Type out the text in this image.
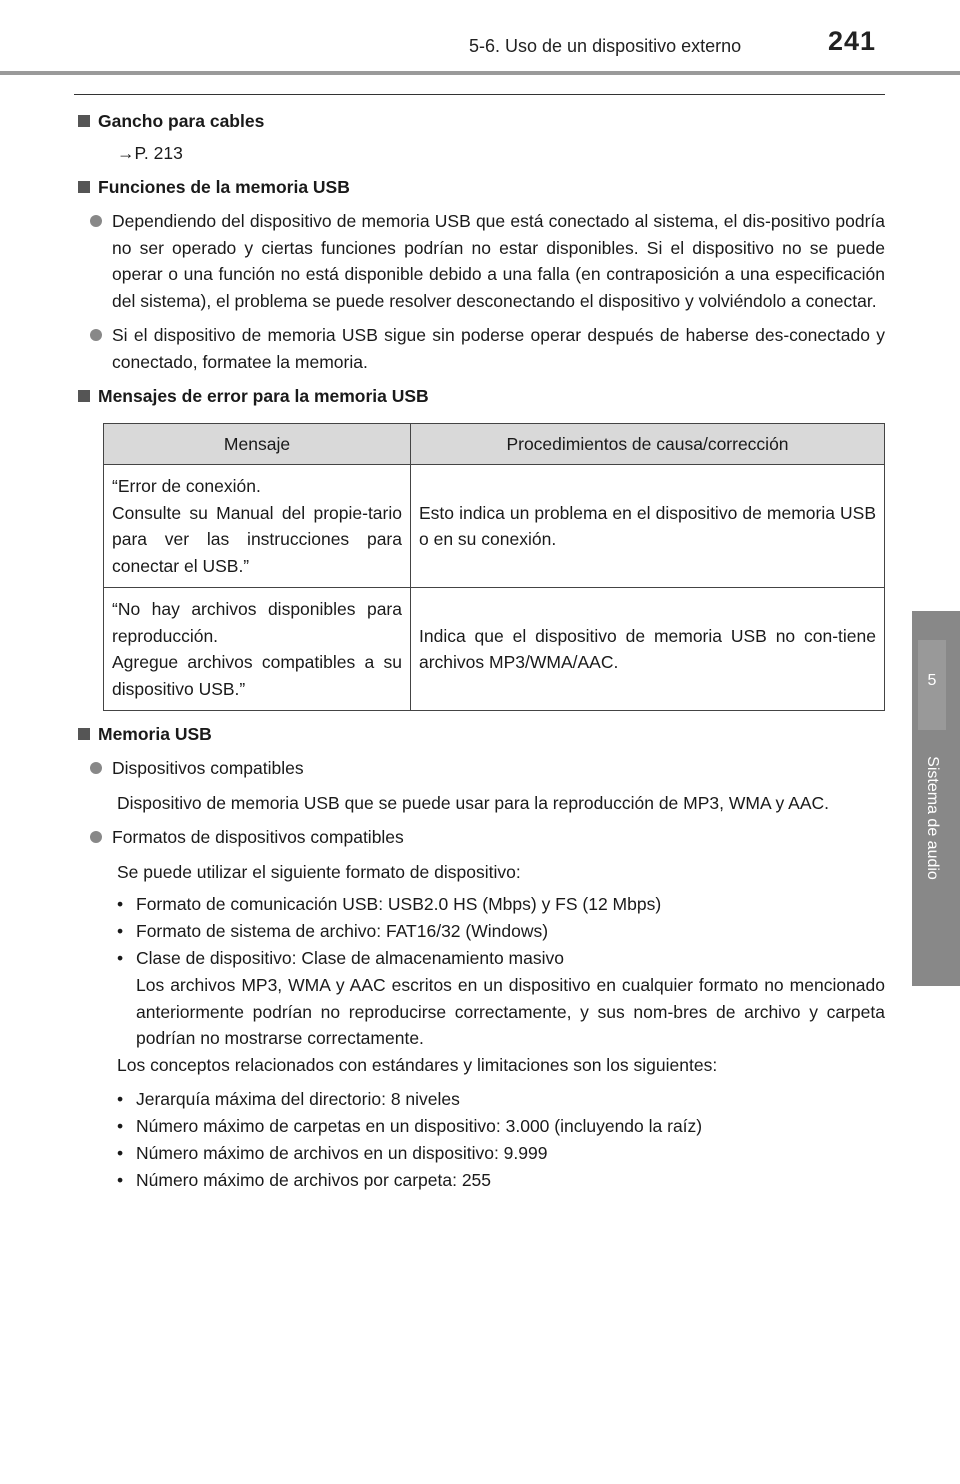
5-6. Uso de un dispositivo externo	241
5
Sistema de audio
Gancho para cables
→P. 213
Funciones de la memoria USB
Dependiendo del dispositivo de memoria USB que está conectado al sistema, el dis-positivo podría no ser operado y ciertas funciones podrían no estar disponibles. Si el dispositivo no se puede operar o una función no está disponible debido a una falla (en contraposición a una especificación del sistema), el problema se puede resolver desconectando el dispositivo y volviéndolo a conectar.
Si el dispositivo de memoria USB sigue sin poderse operar después de haberse des-conectado y conectado, formatee la memoria.
Mensajes de error para la memoria USB
Mensaje	Procedimientos de causa/corrección

“Error de conexión.
Consulte su Manual del propie-tario para ver las instrucciones para conectar el USB.”	Esto indica un problema en el dispositivo de memoria USB o en su conexión.

“No hay archivos disponibles para reproducción.
Agregue archivos compatibles a su dispositivo USB.”	Indica que el dispositivo de memoria USB no con-tiene archivos MP3/WMA/AAC.
Memoria USB
Dispositivos compatibles
Dispositivo de memoria USB que se puede usar para la reproducción de MP3, WMA y AAC.
Formatos de dispositivos compatibles
Se puede utilizar el siguiente formato de dispositivo:
• Formato de comunicación USB: USB2.0 HS (Mbps) y FS (12 Mbps)
• Formato de sistema de archivo: FAT16/32 (Windows)
• Clase de dispositivo: Clase de almacenamiento masivo
Los archivos MP3, WMA y AAC escritos en un dispositivo en cualquier formato no mencionado anteriormente podrían no reproducirse correctamente, y sus nom-bres de archivo y carpeta podrían no mostrarse correctamente.
Los conceptos relacionados con estándares y limitaciones son los siguientes:
• Jerarquía máxima del directorio: 8 niveles
• Número máximo de carpetas en un dispositivo: 3.000 (incluyendo la raíz)
• Número máximo de archivos en un dispositivo: 9.999
• Número máximo de archivos por carpeta: 255
